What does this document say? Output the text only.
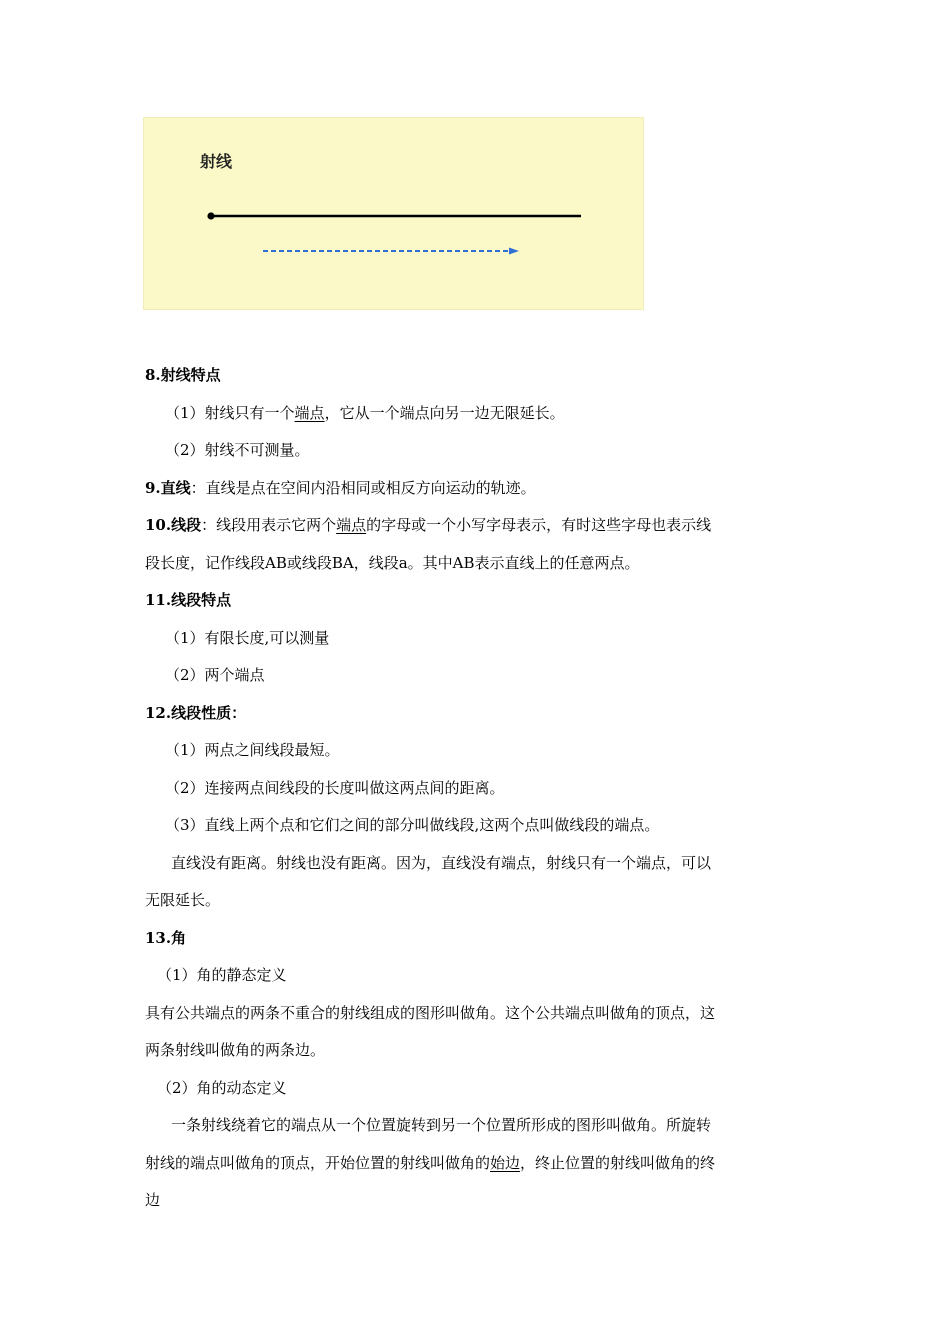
射线
8.射线特点
（1）射线只有一个端点，它从一个端点向另一边无限延长。
（2）射线不可测量。
9.直线：直线是点在空间内沿相同或相反方向运动的轨迹。
10.线段：线段用表示它两个端点的字母或一个小写字母表示，有时这些字母也表示线
段长度，记作线段AB或线段BA，线段a。其中AB表示直线上的任意两点。
11.线段特点
（1）有限长度,可以测量
（2）两个端点
12.线段性质：
（1）两点之间线段最短。
（2）连接两点间线段的长度叫做这两点间的距离。
（3）直线上两个点和它们之间的部分叫做线段,这两个点叫做线段的端点。
直线没有距离。射线也没有距离。因为，直线没有端点，射线只有一个端点，可以
无限延长。
13.角
（1）角的静态定义
具有公共端点的两条不重合的射线组成的图形叫做角。这个公共端点叫做角的顶点，这
两条射线叫做角的两条边。
（2）角的动态定义
一条射线绕着它的端点从一个位置旋转到另一个位置所形成的图形叫做角。所旋转
射线的端点叫做角的顶点，开始位置的射线叫做角的始边，终止位置的射线叫做角的终
边
